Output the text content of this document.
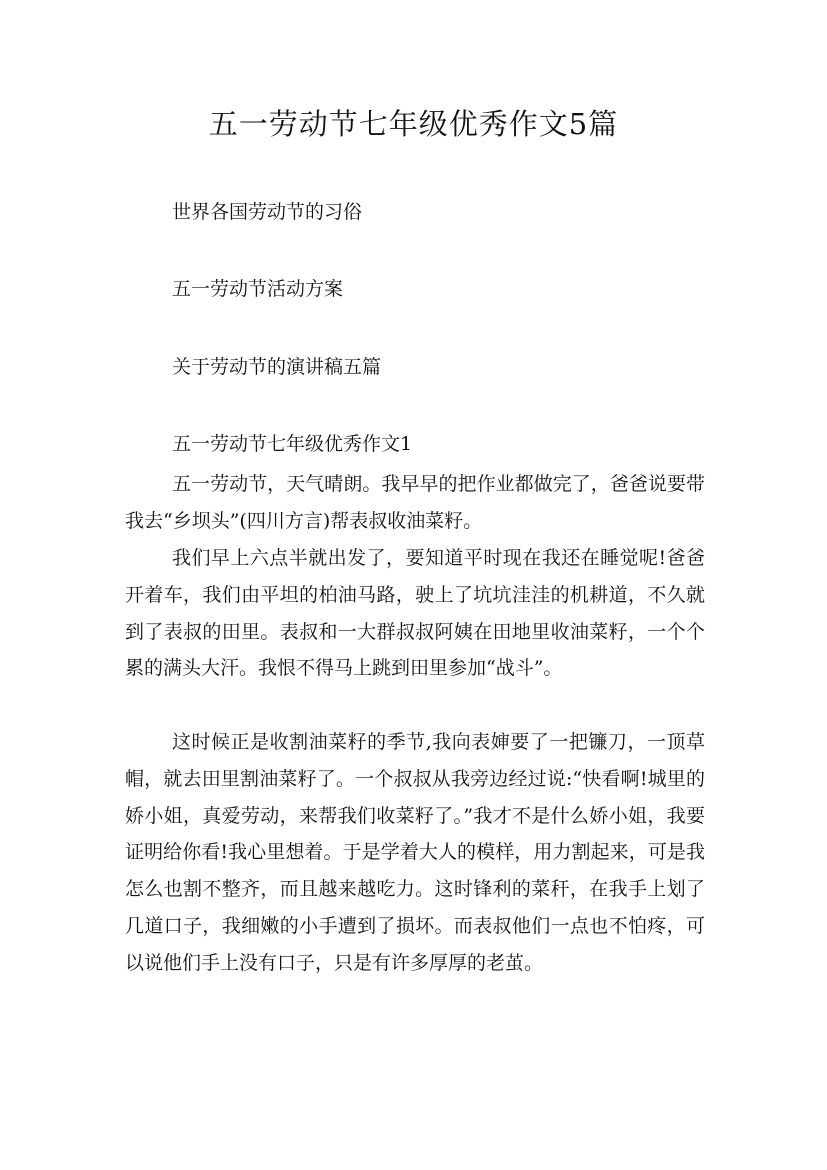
五一劳动节七年级优秀作文5篇
世界各国劳动节的习俗
五一劳动节活动方案
关于劳动节的演讲稿五篇
五一劳动节七年级优秀作文1

五一劳动节，天气晴朗。我早早的把作业都做完了，爸爸说要带我去“乡坝头”(四川方言)帮表叔收油菜籽。

我们早上六点半就出发了，要知道平时现在我还在睡觉呢!爸爸开着车，我们由平坦的柏油马路，驶上了坑坑洼洼的机耕道，不久就到了表叔的田里。表叔和一大群叔叔阿姨在田地里收油菜籽，一个个累的满头大汗。我恨不得马上跳到田里参加“战斗”。

这时候正是收割油菜籽的季节,我向表婶要了一把镰刀，一顶草帽，就去田里割油菜籽了。一个叔叔从我旁边经过说:“快看啊!城里的娇小姐，真爱劳动，来帮我们收菜籽了。”我才不是什么娇小姐，我要证明给你看!我心里想着。于是学着大人的模样，用力割起来，可是我怎么也割不整齐，而且越来越吃力。这时锋利的菜秆，在我手上划了几道口子，我细嫩的小手遭到了损坏。而表叔他们一点也不怕疼，可以说他们手上没有口子，只是有许多厚厚的老茧。
